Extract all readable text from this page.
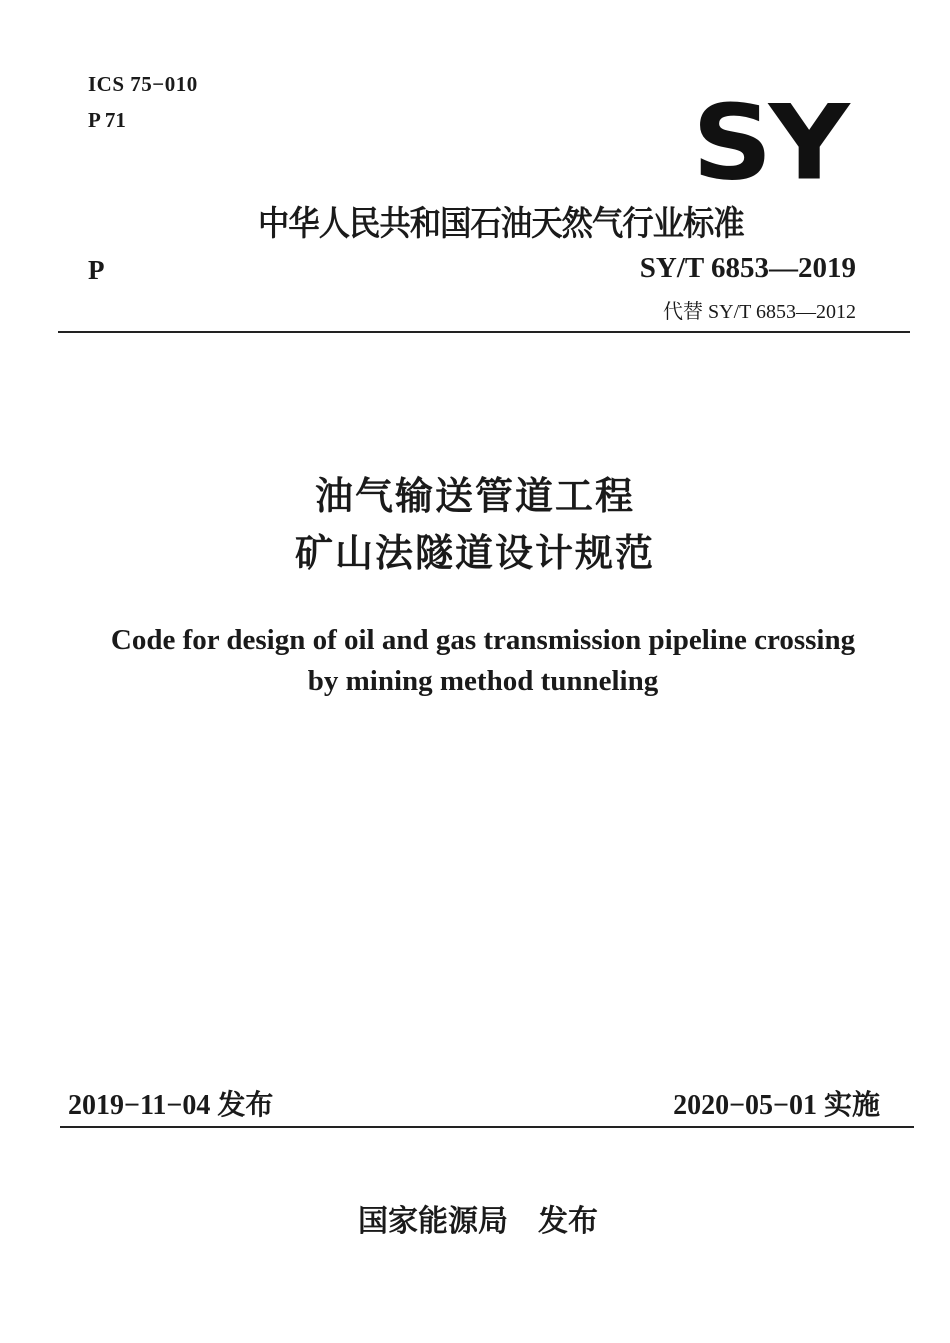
ICS 75−010
P 71	SY
中华人民共和国石油天然气行业标准
P	SY/T 6853—2019
代替 SY/T 6853—2012
油气输送管道工程
矿山法隧道设计规范
Code for design of oil and gas transmission pipeline crossing
by mining method tunneling
2019−11−04 发布	2020−05−01 实施
国家能源局 发布
